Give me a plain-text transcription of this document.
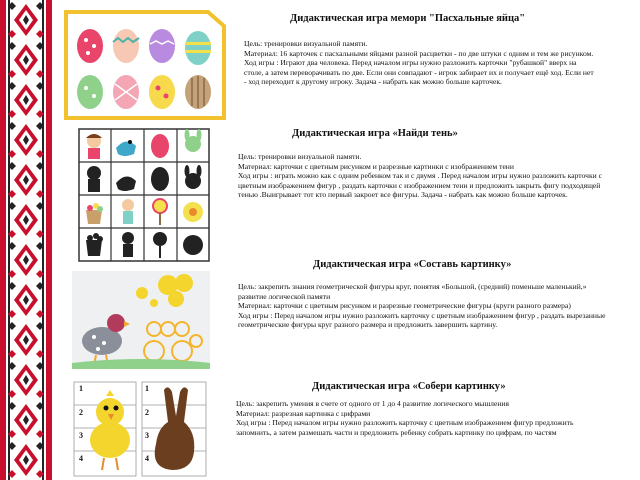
Дидактическая игра мемори "Пасхальные яйца"

Цель: тренировки визуальной памяти.

Материал: 16 карточек с пасхальными яйцами разной расцветки - по две штуки с одним и тем же рисунком.

Ход игры : Играют два человека. Перед началом игры нужно разложить карточки "рубашкой" вверх на столе, а затем переворачивать по две. Если они совпадают - игрок забирает их и получает ещё ход. Если нет - ход переходит к другому игроку. Задача - набрать как можно больше карточек.

Дидактическая игра «Найди тень»

Цель: тренировки визуальной памяти.

Материал: карточки с цветным рисунком и разрезные картинки с изображением тени

Ход игры : играть можно как с одним ребенком так и с двумя . Перед началом игры нужно разложить карточки с цветным изображением фигур , раздать карточки с изображением тени и предложить закрыть фигу подходящей тенью .Выигрывает тот кто первый закроет все фигуры. Задача - набрать как можно больше карточек.

Дидактическая игра «Составь картинку»

Цель: закрепить знания геометрической фигуры круг, понятия «Большой, (средний) поменьше маленький,» развитие логической памяти

Материал: карточки с цветным рисунком и разрезные геометрические фигуры (круги разного размера)

Ход игры : Перед началом игры нужно разложить карточку с цветным изображением фигур , раздать вырезанные геометрические фигуры круг разного размера и предложить завершить картину.

1
2
3
4
1
2
3
4
Дидактическая игра «Собери картинку»

Цель: закрепить умения в счете от одного от 1 до 4 развитие логического мышления

Материал: разрезная картинка с цифрами

Ход игры : Перед началом игры нужно разложить карточку с цветным изображением фигур предложить запомнить, а затем размешать части и предложить ребенку собрать картинку по цифрам, по частям
